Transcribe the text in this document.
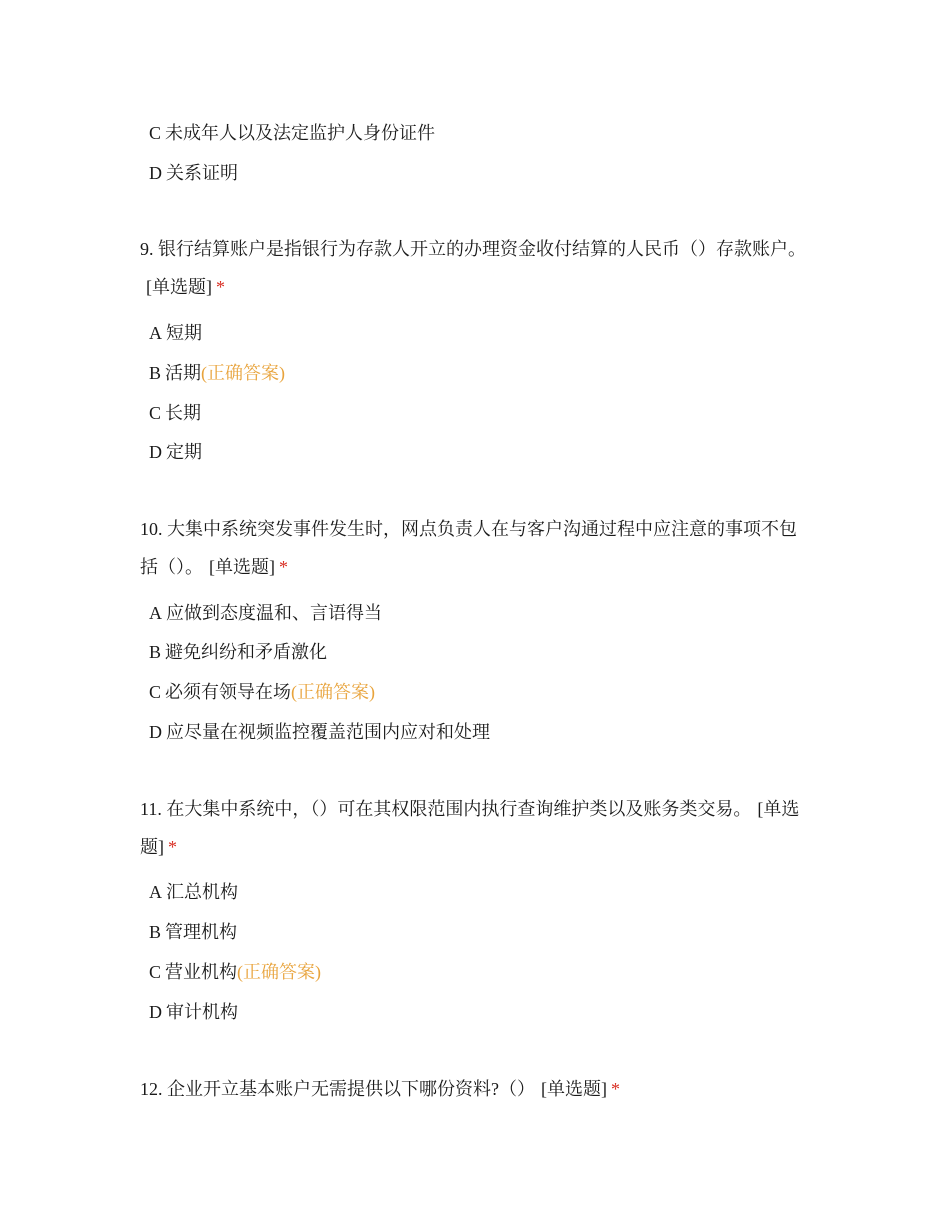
C 未成年人以及法定监护人身份证件
D 关系证明
9. 银行结算账户是指银行为存款人开立的办理资金收付结算的人民币（）存款账户。[单选题] *
A 短期
B 活期(正确答案)
C 长期
D 定期
10. 大集中系统突发事件发生时，网点负责人在与客户沟通过程中应注意的事项不包括（）。 [单选题] *
A 应做到态度温和、言语得当
B 避免纠纷和矛盾激化
C 必须有领导在场(正确答案)
D 应尽量在视频监控覆盖范围内应对和处理
11. 在大集中系统中，（）可在其权限范围内执行查询维护类以及账务类交易。 [单选题] *
A 汇总机构
B 管理机构
C 营业机构(正确答案)
D 审计机构
12. 企业开立基本账户无需提供以下哪份资料?（） [单选题] *
